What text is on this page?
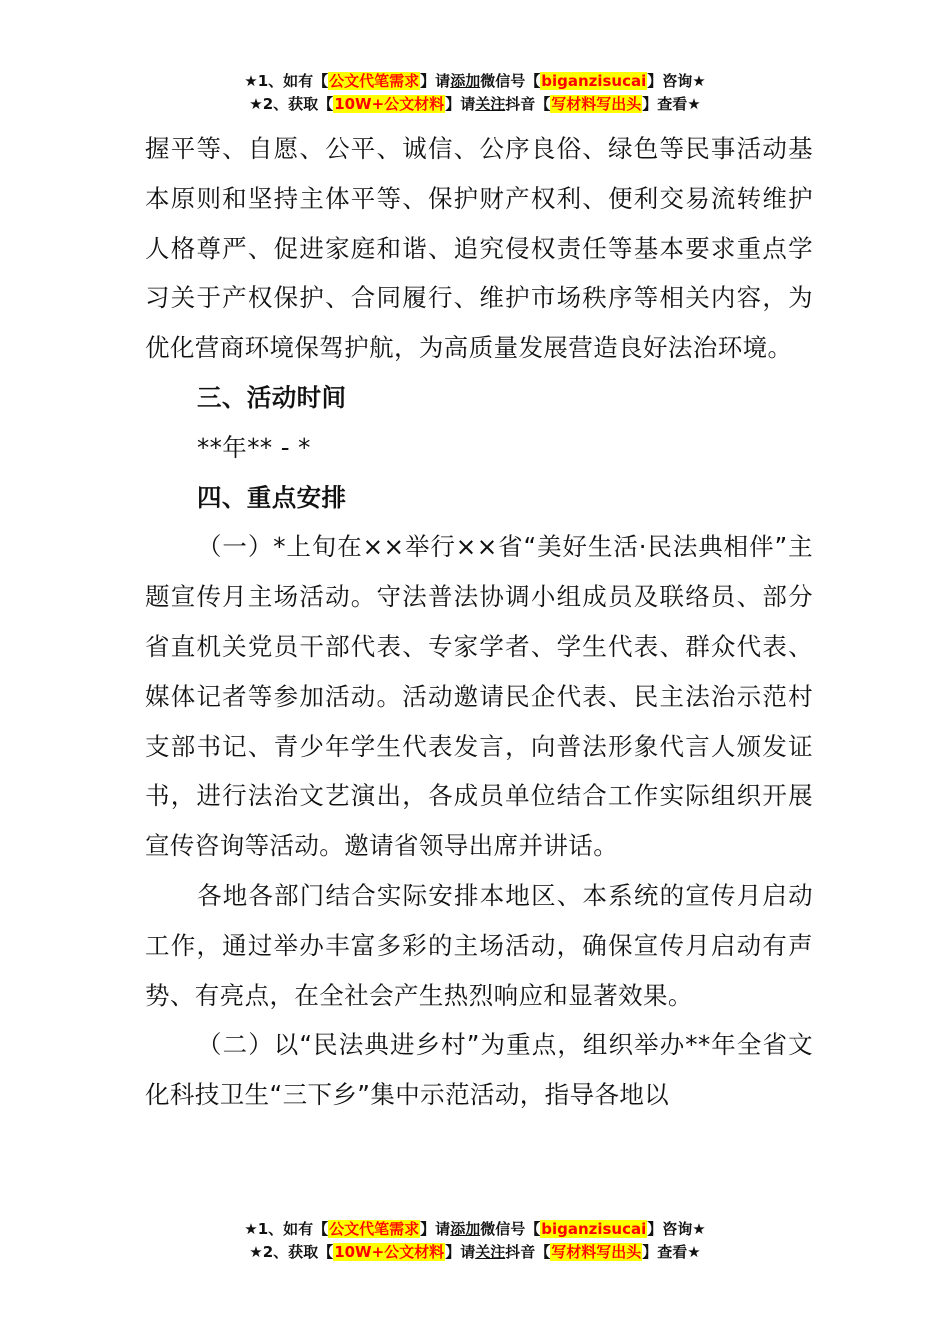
★1、如有【公文代笔需求】请添加微信号【biganzisucai】咨询★
★2、获取【10W+公文材料】请关注抖音【写材料写出头】查看★

握平等、自愿、公平、诚信、公序良俗、绿色等民事活动基本原则和坚持主体平等、保护财产权利、便利交易流转维护人格尊严、促进家庭和谐、追究侵权责任等基本要求重点学习关于产权保护、合同履行、维护市场秩序等相关内容，为优化营商环境保驾护航，为高质量发展营造良好法治环境。

三、活动时间

**年** - *

四、重点安排

（一）*上旬在××举行××省“美好生活·民法典相伴”主题宣传月主场活动。守法普法协调小组成员及联络员、部分省直机关党员干部代表、专家学者、学生代表、群众代表、媒体记者等参加活动。活动邀请民企代表、民主法治示范村支部书记、青少年学生代表发言，向普法形象代言人颁发证书，进行法治文艺演出，各成员单位结合工作实际组织开展宣传咨询等活动。邀请省领导出席并讲话。

各地各部门结合实际安排本地区、本系统的宣传月启动工作，通过举办丰富多彩的主场活动，确保宣传月启动有声势、有亮点，在全社会产生热烈响应和显著效果。

（二）以“民法典进乡村”为重点，组织举办**年全省文化科技卫生“三下乡”集中示范活动，指导各地以

★1、如有【公文代笔需求】请添加微信号【biganzisucai】咨询★
★2、获取【10W+公文材料】请关注抖音【写材料写出头】查看★
